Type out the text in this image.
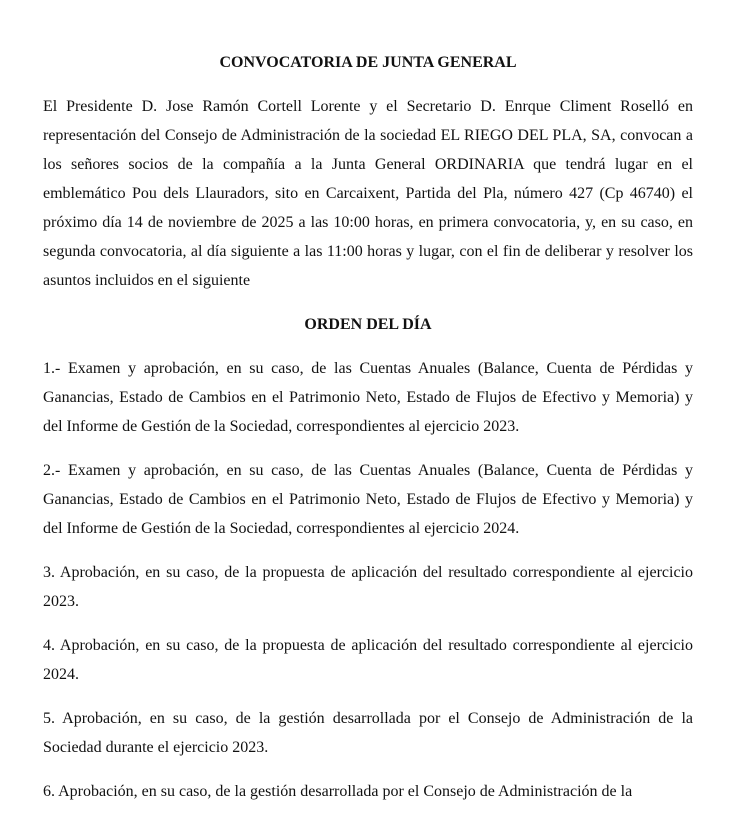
CONVOCATORIA DE JUNTA GENERAL

El Presidente D. Jose Ramón Cortell Lorente y el Secretario D. Enrque Climent Roselló en representación del Consejo de Administración de la sociedad EL RIEGO DEL PLA, SA, convocan a los señores socios de la compañía a la Junta General ORDINARIA que tendrá lugar en el emblemático Pou dels Llauradors, sito en Carcaixent, Partida del Pla, número 427 (Cp 46740) el próximo día 14 de noviembre de 2025 a las 10:00 horas, en primera convocatoria, y, en su caso, en segunda convocatoria, al día siguiente a las 11:00 horas y lugar, con el fin de deliberar y resolver los asuntos incluidos en el siguiente

ORDEN DEL DÍA

1.- Examen y aprobación, en su caso, de las Cuentas Anuales (Balance, Cuenta de Pérdidas y Ganancias, Estado de Cambios en el Patrimonio Neto, Estado de Flujos de Efectivo y Memoria) y del Informe de Gestión de la Sociedad, correspondientes al ejercicio 2023.

2.- Examen y aprobación, en su caso, de las Cuentas Anuales (Balance, Cuenta de Pérdidas y Ganancias, Estado de Cambios en el Patrimonio Neto, Estado de Flujos de Efectivo y Memoria) y del Informe de Gestión de la Sociedad, correspondientes al ejercicio 2024.

3. Aprobación, en su caso, de la propuesta de aplicación del resultado correspondiente al ejercicio 2023.

4. Aprobación, en su caso, de la propuesta de aplicación del resultado correspondiente al ejercicio 2024.

5. Aprobación, en su caso, de la gestión desarrollada por el Consejo de Administración de la Sociedad durante el ejercicio 2023.

6. Aprobación, en su caso, de la gestión desarrollada por el Consejo de Administración de la
